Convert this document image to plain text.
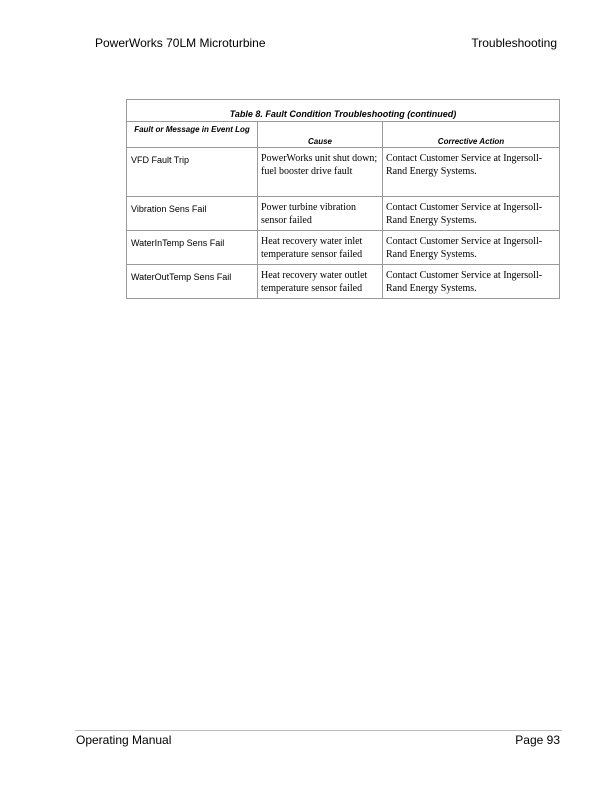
PowerWorks 70LM Microturbine	Troubleshooting
Table 8. Fault Condition Troubleshooting (continued)		
Fault or Message in Event Log	Cause	Corrective Action
VFD Fault Trip	PowerWorks unit shut down; fuel booster drive fault	Contact Customer Service at Ingersoll-Rand Energy Systems.
Vibration Sens Fail	Power turbine vibration sensor failed	Contact Customer Service at Ingersoll-Rand Energy Systems.
WaterInTemp Sens Fail	Heat recovery water inlet temperature sensor failed	Contact Customer Service at Ingersoll-Rand Energy Systems.
WaterOutTemp Sens Fail	Heat recovery water outlet temperature sensor failed	Contact Customer Service at Ingersoll-Rand Energy Systems.
Operating Manual	Page 93
